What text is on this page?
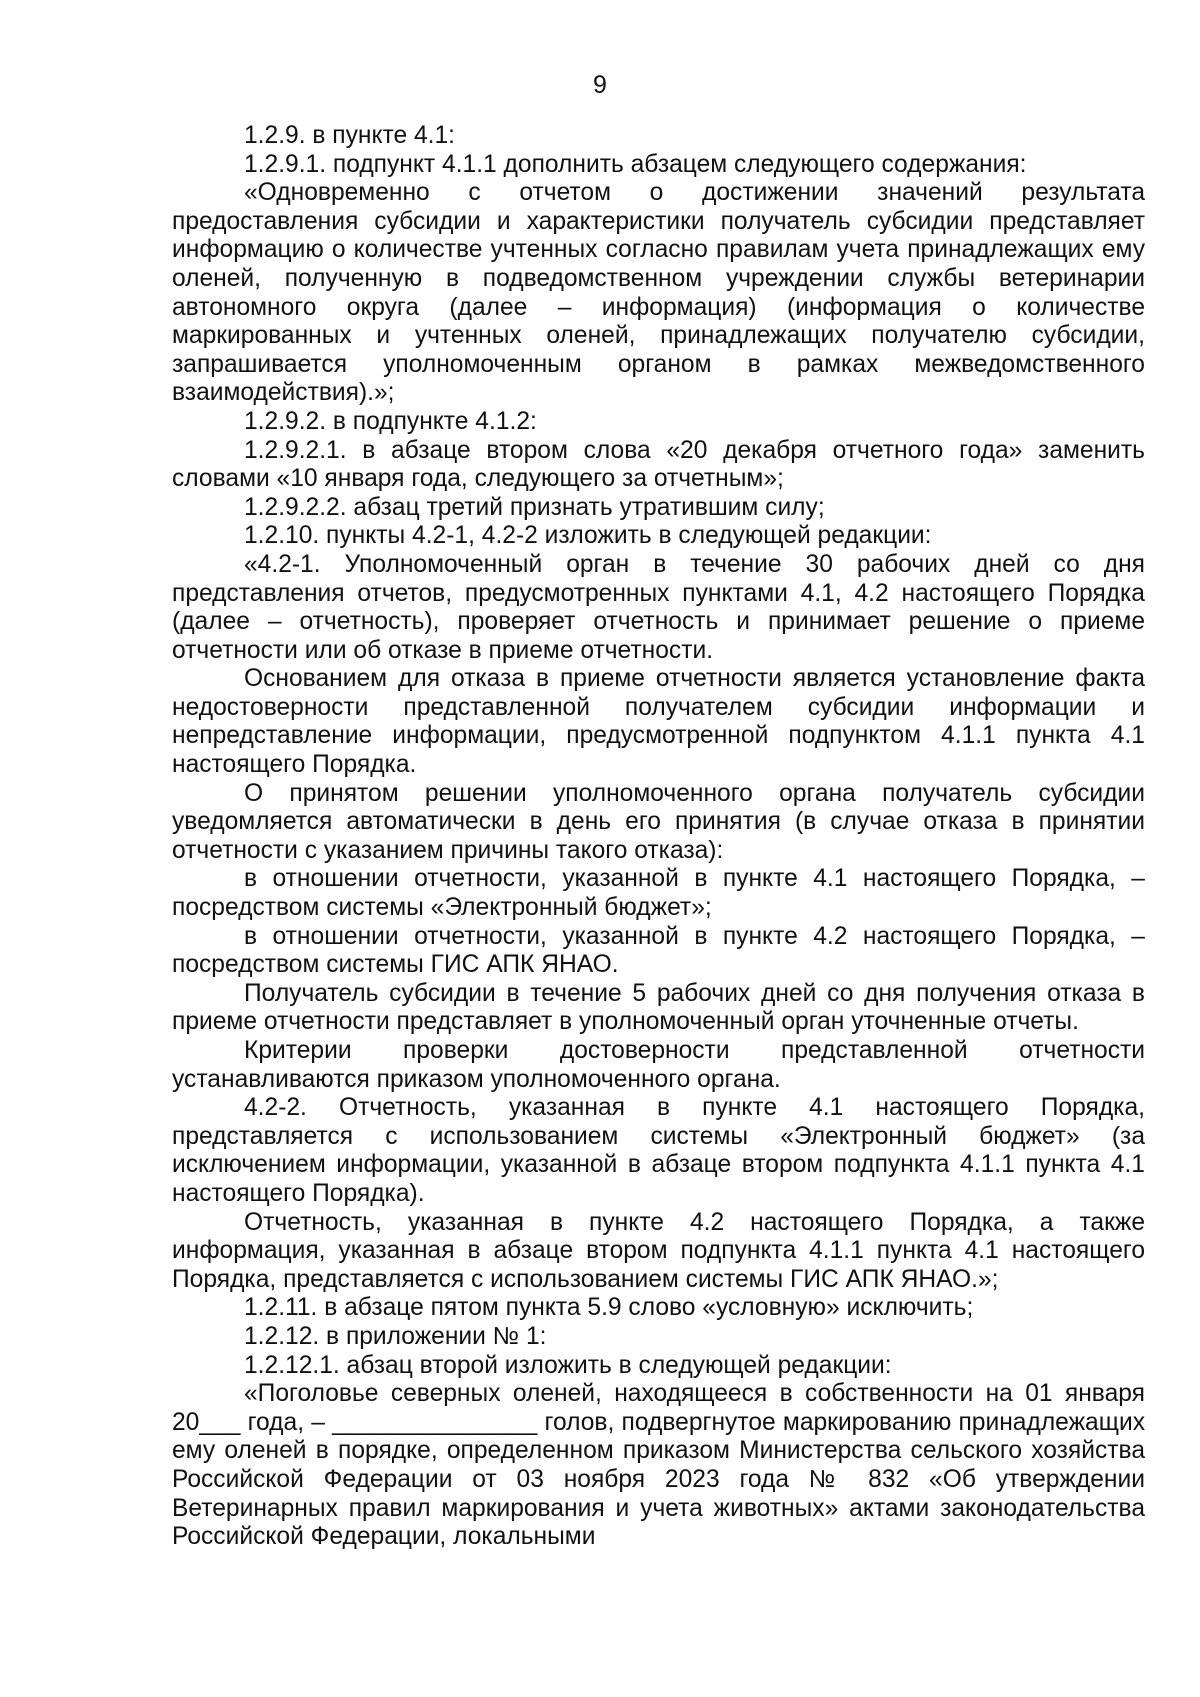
9

1.2.9. в пункте 4.1:

1.2.9.1. подпункт 4.1.1 дополнить абзацем следующего содержания:

«Одновременно с отчетом о достижении значений результата предоставления субсидии и характеристики получатель субсидии представляет информацию о количестве учтенных согласно правилам учета принадлежащих ему оленей, полученную в подведомственном учреждении службы ветеринарии автономного округа (далее – информация) (информация о количестве маркированных и учтенных оленей, принадлежащих получателю субсидии, запрашивается уполномоченным органом в рамках межведомственного взаимодействия).»;

1.2.9.2. в подпункте 4.1.2:

1.2.9.2.1. в абзаце втором слова «20 декабря отчетного года» заменить словами «10 января года, следующего за отчетным»;

1.2.9.2.2. абзац третий признать утратившим силу;

1.2.10. пункты 4.2-1, 4.2-2 изложить в следующей редакции:

«4.2-1. Уполномоченный орган в течение 30 рабочих дней со дня представления отчетов, предусмотренных пунктами 4.1, 4.2 настоящего Порядка (далее – отчетность), проверяет отчетность и принимает решение о приеме отчетности или об отказе в приеме отчетности.

Основанием для отказа в приеме отчетности является установление факта недостоверности представленной получателем субсидии информации и непредставление информации, предусмотренной подпунктом 4.1.1 пункта 4.1 настоящего Порядка.

О принятом решении уполномоченного органа получатель субсидии уведомляется автоматически в день его принятия (в случае отказа в принятии отчетности с указанием причины такого отказа):

в отношении отчетности, указанной в пункте 4.1 настоящего Порядка, – посредством системы «Электронный бюджет»;

в отношении отчетности, указанной в пункте 4.2 настоящего Порядка, – посредством системы ГИС АПК ЯНАО.

Получатель субсидии в течение 5 рабочих дней со дня получения отказа в приеме отчетности представляет в уполномоченный орган уточненные отчеты.

Критерии проверки достоверности представленной отчетности устанавливаются приказом уполномоченного органа.

4.2-2. Отчетность, указанная в пункте 4.1 настоящего Порядка, представляется с использованием системы «Электронный бюджет» (за исключением информации, указанной в абзаце втором подпункта 4.1.1 пункта 4.1 настоящего Порядка).

Отчетность, указанная в пункте 4.2 настоящего Порядка, а также информация, указанная в абзаце втором подпункта 4.1.1 пункта 4.1 настоящего Порядка, представляется с использованием системы ГИС АПК ЯНАО.»;

1.2.11. в абзаце пятом пункта 5.9 слово «условную» исключить;

1.2.12. в приложении № 1:

1.2.12.1. абзац второй изложить в следующей редакции:

«Поголовье северных оленей, находящееся в собственности на 01 января 20___ года, – _______________ голов, подвергнутое маркированию принадлежащих ему оленей в порядке, определенном приказом Министерства сельского хозяйства Российской Федерации от 03 ноября 2023 года № 832 «Об утверждении Ветеринарных правил маркирования и учета животных» актами законодательства Российской Федерации, локальными
